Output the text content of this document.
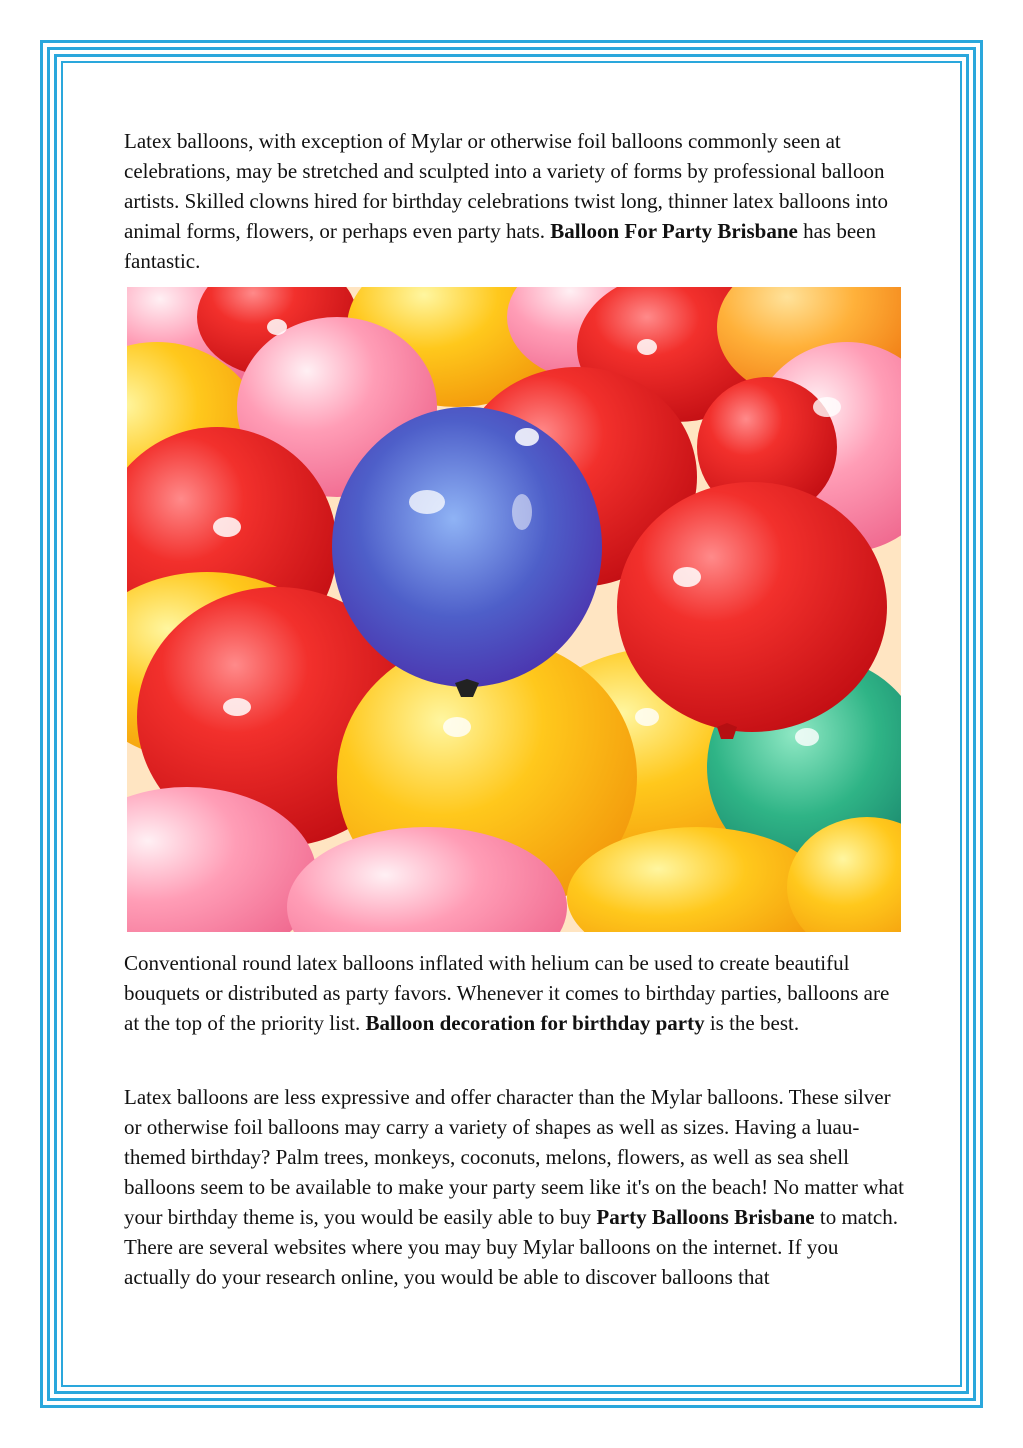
Latex balloons, with exception of Mylar or otherwise foil balloons commonly seen at celebrations, may be stretched and sculpted into a variety of forms by professional balloon artists. Skilled clowns hired for birthday celebrations twist long, thinner latex balloons into animal forms, flowers, or perhaps even party hats. Balloon For Party Brisbane has been fantastic.

Conventional round latex balloons inflated with helium can be used to create beautiful bouquets or distributed as party favors. Whenever it comes to birthday parties, balloons are at the top of the priority list. Balloon decoration for birthday party is the best.

Latex balloons are less expressive and offer character than the Mylar balloons. These silver or otherwise foil balloons may carry a variety of shapes as well as sizes. Having a luau-themed birthday? Palm trees, monkeys, coconuts, melons, flowers, as well as sea shell balloons seem to be available to make your party seem like it's on the beach! No matter what your birthday theme is, you would be easily able to buy Party Balloons Brisbane to match. There are several websites where you may buy Mylar balloons on the internet. If you actually do your research online, you would be able to discover balloons that
